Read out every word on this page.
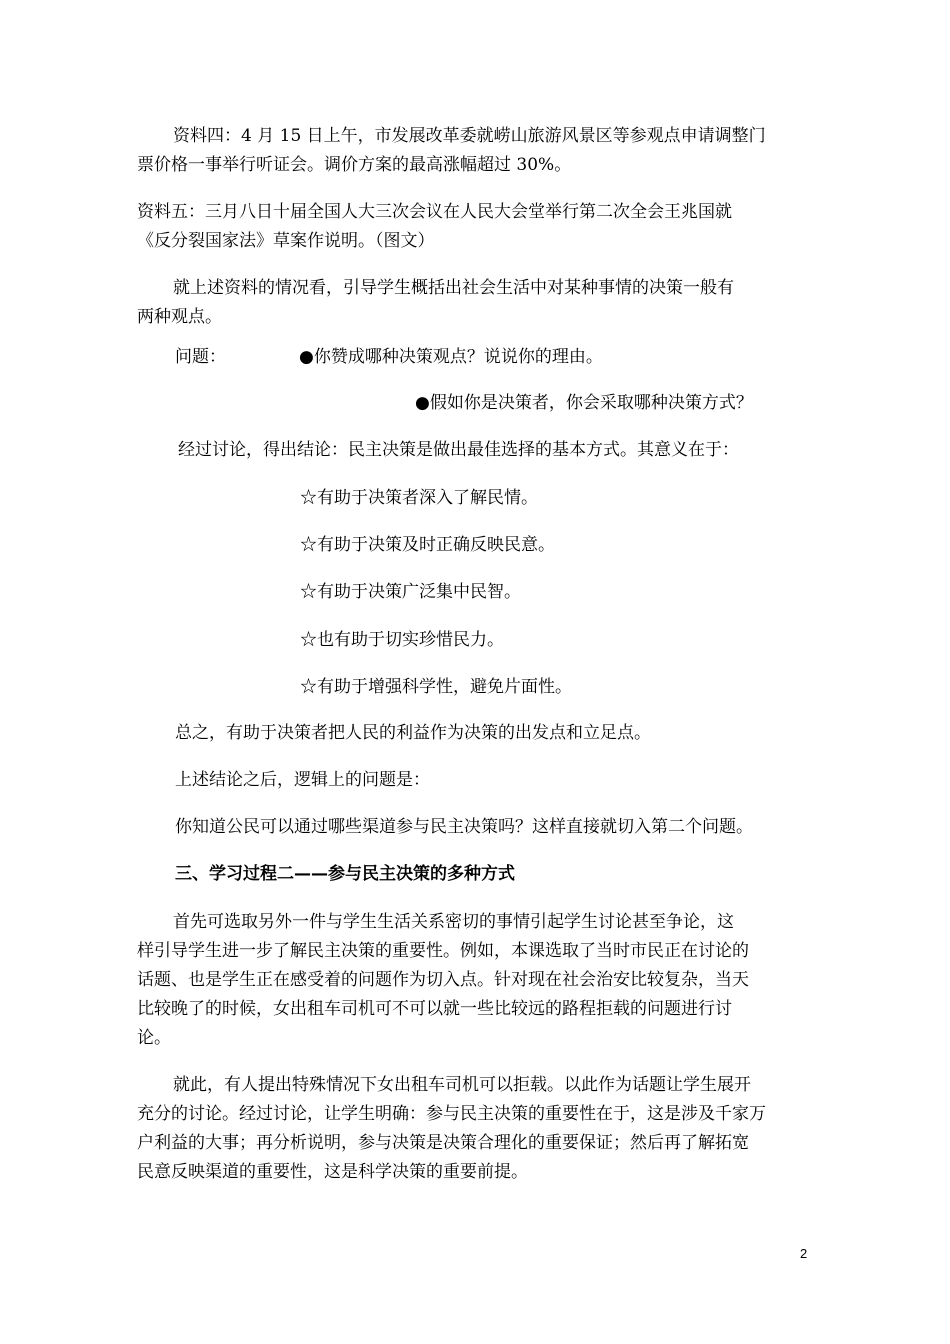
资料四：4 月 15 日上午，市发展改革委就崂山旅游风景区等参观点申请调整门
票价格一事举行听证会。调价方案的最高涨幅超过 30%。
资料五：三月八日十届全国人大三次会议在人民大会堂举行第二次全会王兆国就
《反分裂国家法》草案作说明。（图文）
就上述资料的情况看，引导学生概括出社会生活中对某种事情的决策一般有
两种观点。
问题：	●你赞成哪种决策观点？说说你的理由。
●假如你是决策者，你会采取哪种决策方式？
经过讨论，得出结论：民主决策是做出最佳选择的基本方式。其意义在于：
☆有助于决策者深入了解民情。
☆有助于决策及时正确反映民意。
☆有助于决策广泛集中民智。
☆也有助于切实珍惜民力。
☆有助于增强科学性，避免片面性。
总之，有助于决策者把人民的利益作为决策的出发点和立足点。
上述结论之后，逻辑上的问题是：
你知道公民可以通过哪些渠道参与民主决策吗？这样直接就切入第二个问题。
三、学习过程二——参与民主决策的多种方式
首先可选取另外一件与学生生活关系密切的事情引起学生讨论甚至争论，这
样引导学生进一步了解民主决策的重要性。例如，本课选取了当时市民正在讨论的
话题、也是学生正在感受着的问题作为切入点。针对现在社会治安比较复杂，当天
比较晚了的时候，女出租车司机可不可以就一些比较远的路程拒载的问题进行讨
论。
就此，有人提出特殊情况下女出租车司机可以拒载。以此作为话题让学生展开
充分的讨论。经过讨论，让学生明确：参与民主决策的重要性在于，这是涉及千家万
户利益的大事；再分析说明，参与决策是决策合理化的重要保证；然后再了解拓宽
民意反映渠道的重要性，这是科学决策的重要前提。
2
